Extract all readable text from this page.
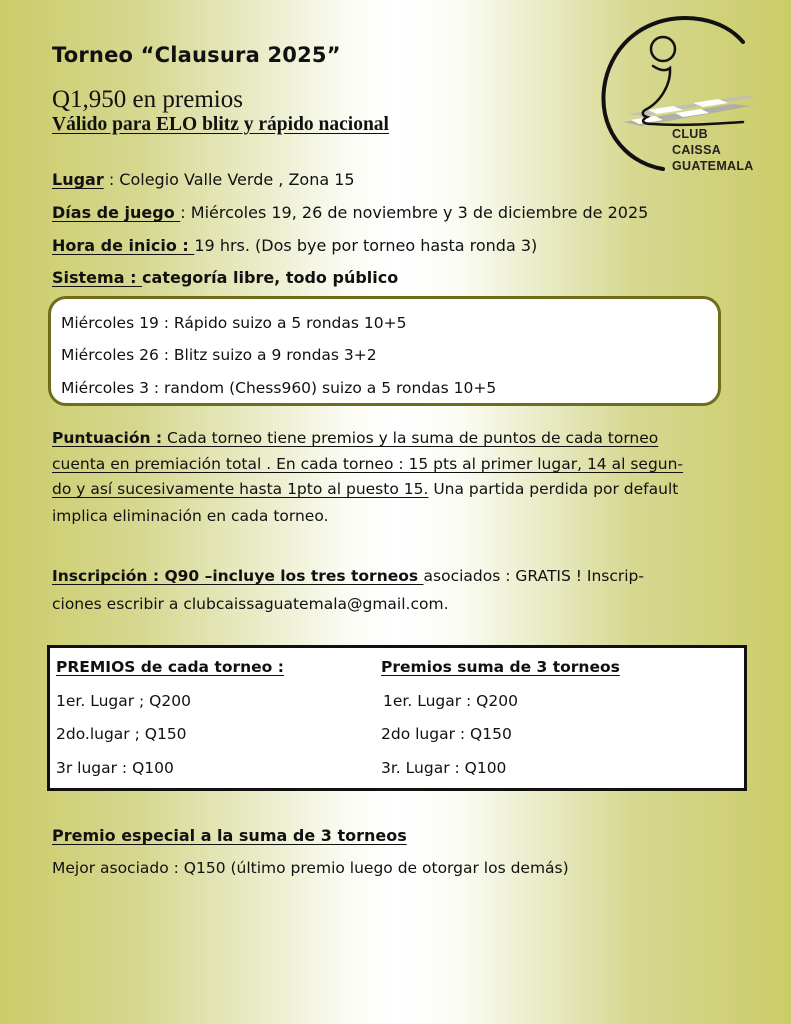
Torneo “Clausura 2025”
Q1,950 en premios
Válido para ELO blitz y rápido nacional	CLUB
CAISSA
GUATEMALA
Lugar : Colegio Valle Verde , Zona 15
Días de juego : Miércoles 19, 26 de noviembre y 3 de diciembre de 2025
Hora de inicio : 19 hrs. (Dos bye por torneo hasta ronda 3)
Sistema : categoría libre, todo público
Miércoles 19 : Rápido suizo a 5 rondas 10+5
Miércoles 26 : Blitz suizo a 9 rondas 3+2
Miércoles 3 : random (Chess960) suizo a 5 rondas 10+5
Puntuación : Cada torneo tiene premios y la suma de puntos de cada torneo
cuenta en premiación total . En cada torneo : 15 pts al primer lugar, 14 al segun-
do y así sucesivamente hasta 1pto al puesto 15. Una partida perdida por default
implica eliminación en cada torneo.
Inscripción : Q90 –incluye los tres torneos asociados : GRATIS ! Inscrip-
ciones escribir a clubcaissaguatemala@gmail.com.
PREMIOS de cada torneo :
1er. Lugar ; Q200
2do.lugar ; Q150
3r lugar : Q100
Premios suma de 3 torneos
1er. Lugar : Q200
2do lugar : Q150
3r. Lugar : Q100
Premio especial a la suma de 3 torneos
Mejor asociado : Q150 (último premio luego de otorgar los demás)
